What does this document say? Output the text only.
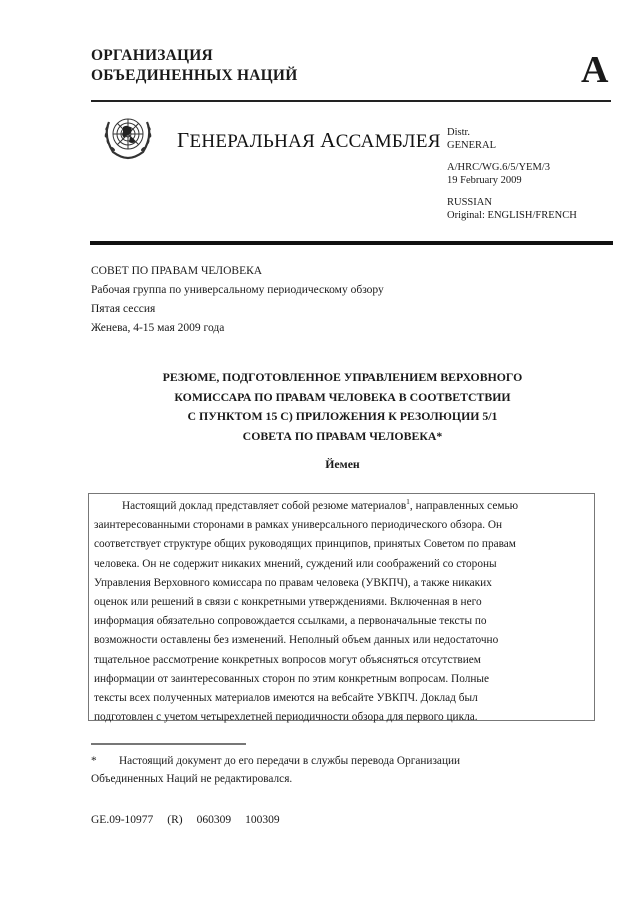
ОРГАНИЗАЦИЯ
ОБЪЕДИНЕННЫХ НАЦИЙ	A
ГЕНЕРАЛЬНАЯ АССАМБЛЕЯ Distr.
GENERAL
A/HRC/WG.6/5/YEM/3
19 February 2009
RUSSIAN
Original: ENGLISH/FRENCH
СОВЕТ ПО ПРАВАМ ЧЕЛОВЕКА
Рабочая группа по универсальному периодическому обзору
Пятая сессия
Женева, 4-15 мая 2009 года
РЕЗЮМЕ, ПОДГОТОВЛЕННОЕ УПРАВЛЕНИЕМ ВЕРХОВНОГО
КОМИССАРА ПО ПРАВАМ ЧЕЛОВЕКА В СООТВЕТСТВИИ
С ПУНКТОМ 15 С) ПРИЛОЖЕНИЯ К РЕЗОЛЮЦИИ 5/1
СОВЕТА ПО ПРАВАМ ЧЕЛОВЕКА*
Йемен
Настоящий доклад представляет собой резюме материалов$^1$, направленных семью
заинтересованными сторонами в рамках универсального периодического обзора. Он
соответствует структуре общих руководящих принципов, принятых Советом по правам
человека. Он не содержит никаких мнений, суждений или соображений со стороны
Управления Верховного комиссара по правам человека (УВКПЧ), а также никаких
оценок или решений в связи с конкретными утверждениями. Включенная в него
информация обязательно сопровождается ссылками, а первоначальные тексты по
возможности оставлены без изменений. Неполный объем данных или недостаточно
тщательное рассмотрение конкретных вопросов могут объясняться отсутствием
информации от заинтересованных сторон по этим конкретным вопросам. Полные
тексты всех полученных материалов имеются на вебсайте УВКПЧ. Доклад был
подготовлен с учетом четырехлетней периодичности обзора для первого цикла.
* Настоящий документ до его передачи в службы перевода Организации
Объединенных Наций не редактировался.
GE.09-10977 (R) 060309 100309
